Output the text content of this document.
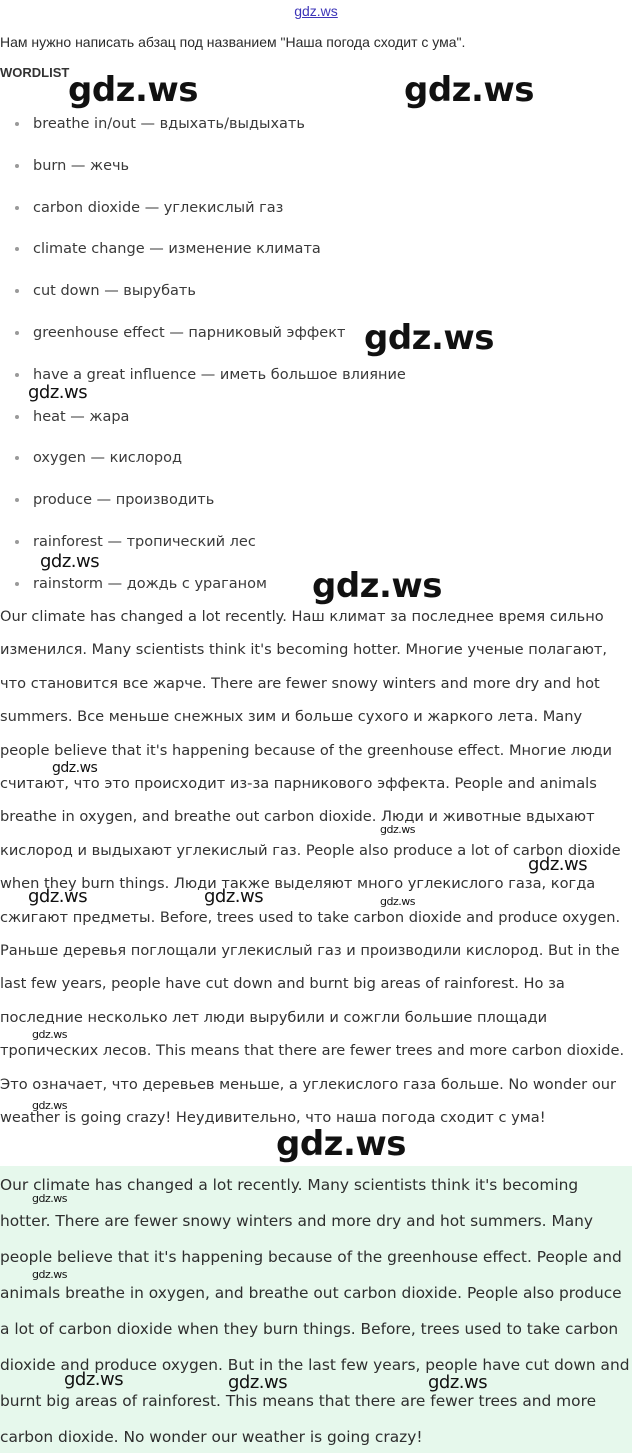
gdz.ws
Нам нужно написать абзац под названием "Наша погода сходит с ума".
WORDLIST
breathe in/out — вдыхать/выдыхать
burn — жечь
carbon dioxide — углекислый газ
climate change — изменение климата
cut down — вырубать
greenhouse effect — парниковый эффект
have a great influence — иметь большое влияние
heat — жара
oxygen — кислород
produce — производить
rainforest — тропический лес
rainstorm — дождь с ураганом

Our climate has changed a lot recently. Наш климат за последнее время сильно изменился. Many scientists think it's becoming hotter. Многие ученые полагают, что становится все жарче. There are fewer snowy winters and more dry and hot summers. Все меньше снежных зим и больше сухого и жаркого лета. Many people believe that it's happening because of the greenhouse effect. Многие люди считают, что это происходит из-за парникового эффекта. People and animals breathe in oxygen, and breathe out carbon dioxide. Люди и животные вдыхают кислород и выдыхают углекислый газ. People also produce a lot of carbon dioxide when they burn things. Люди также выделяют много углекислого газа, когда сжигают предметы. Before, trees used to take carbon dioxide and produce oxygen. Раньше деревья поглощали углекислый газ и производили кислород. But in the last few years, people have cut down and burnt big areas of rainforest. Но за последние несколько лет люди вырубили и сожгли большие площади тропических лесов. This means that there are fewer trees and more carbon dioxide. Это означает, что деревьев меньше, а углекислого газа больше. No wonder our weather is going crazy! Неудивительно, что наша погода сходит с ума!

Our climate has changed a lot recently. Many scientists think it's becoming hotter. There are fewer snowy winters and more dry and hot summers. Many people believe that it's happening because of the greenhouse effect. People and animals breathe in oxygen, and breathe out carbon dioxide. People also produce a lot of carbon dioxide when they burn things. Before, trees used to take carbon dioxide and produce oxygen. But in the last few years, people have cut down and burnt big areas of rainforest. This means that there are fewer trees and more carbon dioxide. No wonder our weather is going crazy!

gdz.ws	gdz.ws
gdz.ws
gdz.ws
gdz.ws
gdz.ws
gdz.ws
gdz.ws
gdz.ws
gdz.ws	gdz.ws	gdz.ws
gdz.ws
gdz.ws
gdz.ws
gdz.ws
gdz.ws
gdz.ws	gdz.ws	gdz.ws
